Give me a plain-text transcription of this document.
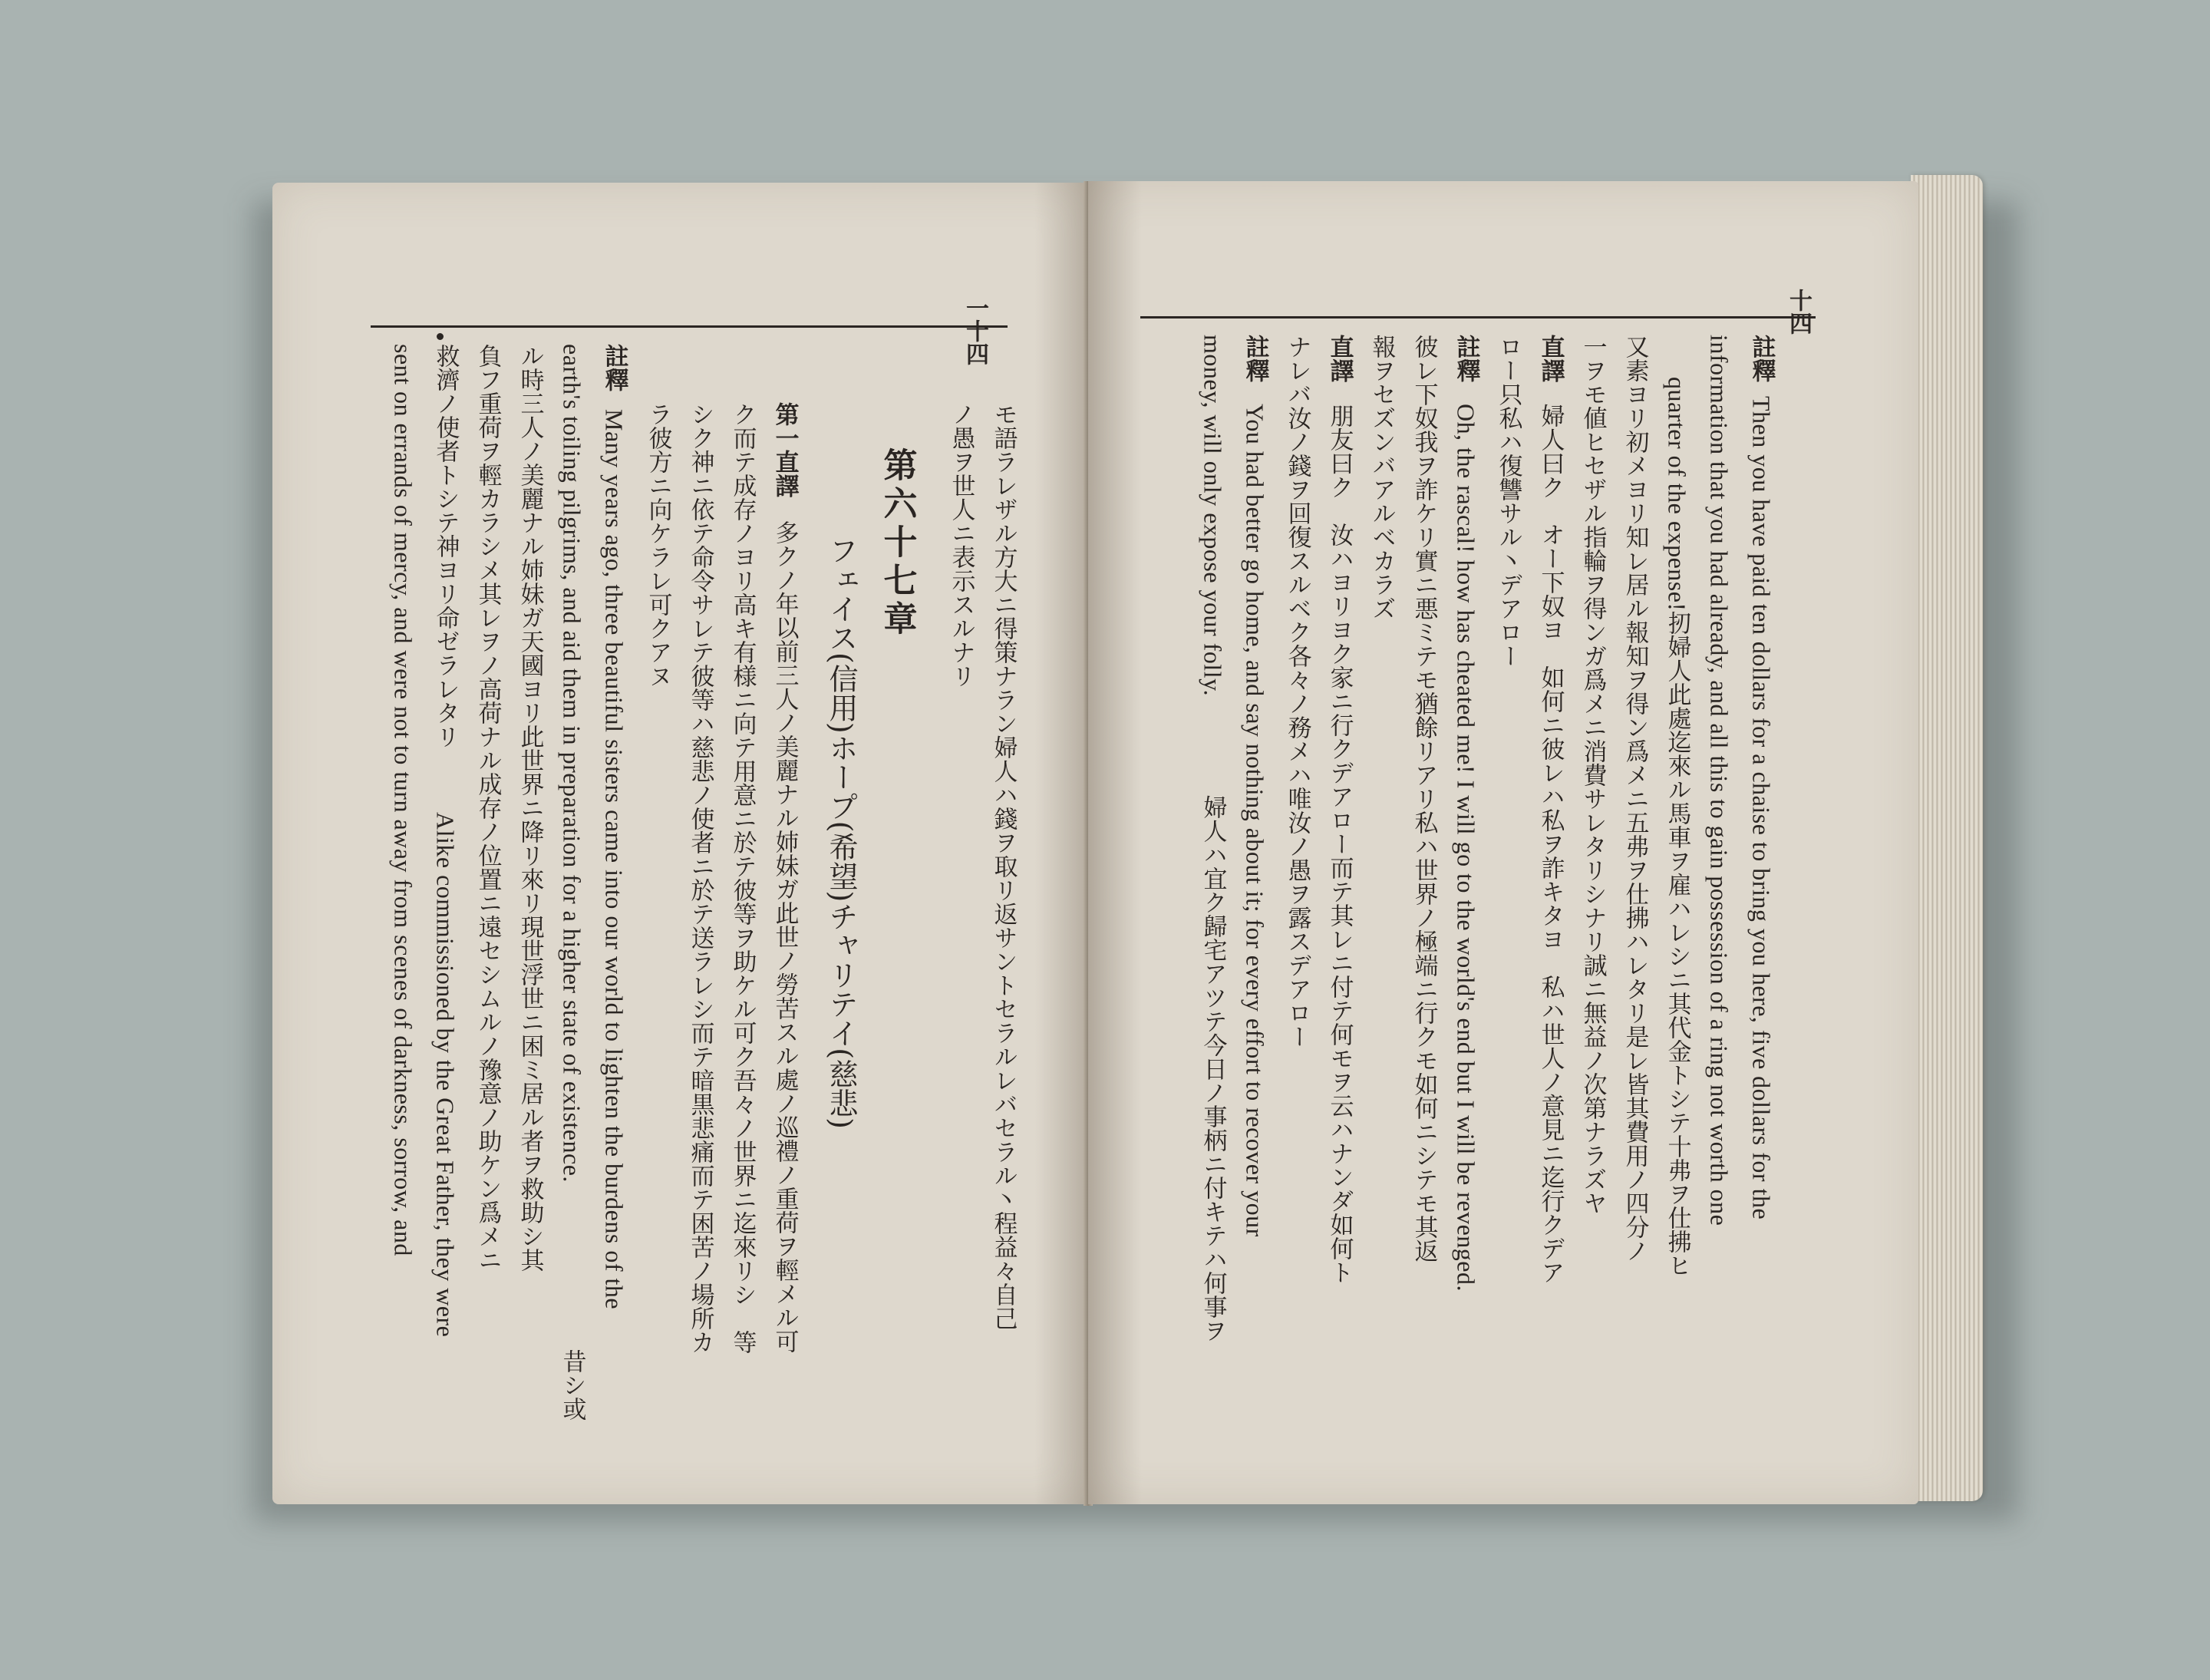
一十四
モ語ラレザル方大ニ得策ナラン婦人ハ錢ヲ取リ返サントセラルレバセラル丶程益々自己
ノ愚ヲ世人ニ表示スルナリ
第六十七章
フェイス(信用)ホープ(希望)チャリテイ(慈悲)
第一直譯
多クノ年以前三人ノ美麗ナル姉妹ガ此世ノ勞苦スル處ノ巡禮ノ重荷ヲ輕メル可
ク而テ成存ノヨリ高キ有様ニ向テ用意ニ於テ彼等ヲ助ケル可ク吾々ノ世界ニ迄來リシ　等
シク神ニ依テ命令サレテ彼等ハ慈悲ノ使者ニ於テ送ラレシ而テ暗黒悲痛而テ困苦ノ場所カ
ラ彼方ニ向ケラレ可クアヌ
註釋
Many years ago, three beautiful sisters came into our world to lighten the burdens of the
earth's toiling pilgrims, and aid them in preparation for a higher state of existence.
昔シ或
ル時三人ノ美麗ナル姉妹ガ天國ヨリ此世界ニ降リ來リ現世浮世ニ困ミ居ル者ヲ救助シ其
負フ重荷ヲ輕カラシメ其レヲノ高荷ナル成存ノ位置ニ遠セシムルノ豫意ノ助ケン爲メニ
救濟ノ使者トシテ神ヨリ命ゼラレタリ
Alike commissioned by the Great Father, they were
sent on errands of mercy, and were not to turn away from scenes of darkness, sorrow, and
十四
註釋
Then you have paid ten dollars for a chaise to bring you here, five dollars for the
information that you had already, and all this to gain possession of a ring not worth one
quarter of the expense!
扨婦人此處迄來ル馬車ヲ雇ハレシニ其代金トシテ十弗ヲ仕拂ヒ
又素ヨリ初メヨリ知レ居ル報知ヲ得ン爲メニ五弗ヲ仕拂ハレタリ是レ皆其費用ノ四分ノ
一ヲモ値ヒセザル指輪ヲ得ンガ爲メニ消費サレタリシナリ誠ニ無益ノ次第ナラズヤ
直譯
婦人曰ク　オー下奴ヨ　如何ニ彼レハ私ヲ詐キタヨ　私ハ世人ノ意見ニ迄行クデア
ロー只私ハ復讐サル丶デアロー
註釋
Oh, the rascal! how has cheated me! I will go to the world's end but I will be revenged.
彼レ下奴我ヲ詐ケリ實ニ悪ミテモ猶餘リアリ私ハ世界ノ極端ニ行クモ如何ニシテモ其返
報ヲセズンバアルベカラズ
直譯
朋友曰ク　汝ハヨリヨク家ニ行クデアロー而テ其レニ付テ何モヲ云ハナンダ如何ト
ナレバ汝ノ錢ヲ回復スルベク各々ノ務メハ唯汝ノ愚ヲ露スデアロー
註釋
You had better go home, and say nothing about it; for every effort to recover your
money, will only expose your folly.
婦人ハ宜ク歸宅アツテ今日ノ事柄ニ付キテハ何事ヲ
